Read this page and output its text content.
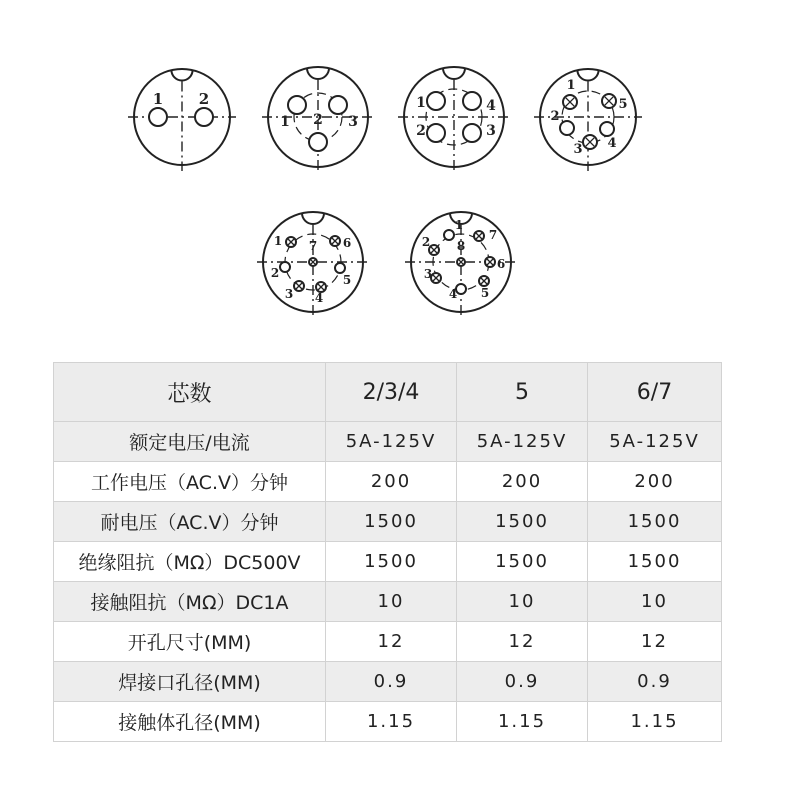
1 2
1 2 3
1
2	3
4
1
2
3 4
5
1
2
3 4
5
6
7
1
2
3
4 5
6
7
8
芯数	2/3/4	5	6/7
额定电压/电流	5A-125V	5A-125V	5A-125V
工作电压（AC.V）分钟	200	200	200
耐电压（AC.V）分钟	1500	1500	1500
绝缘阻抗（MΩ）DC500V	1500	1500	1500
接触阻抗（MΩ）DC1A	10	10	10
开孔尺寸(MM)	12	12	12
焊接口孔径(MM)	0.9	0.9	0.9
接触体孔径(MM)	1.15	1.15	1.15
